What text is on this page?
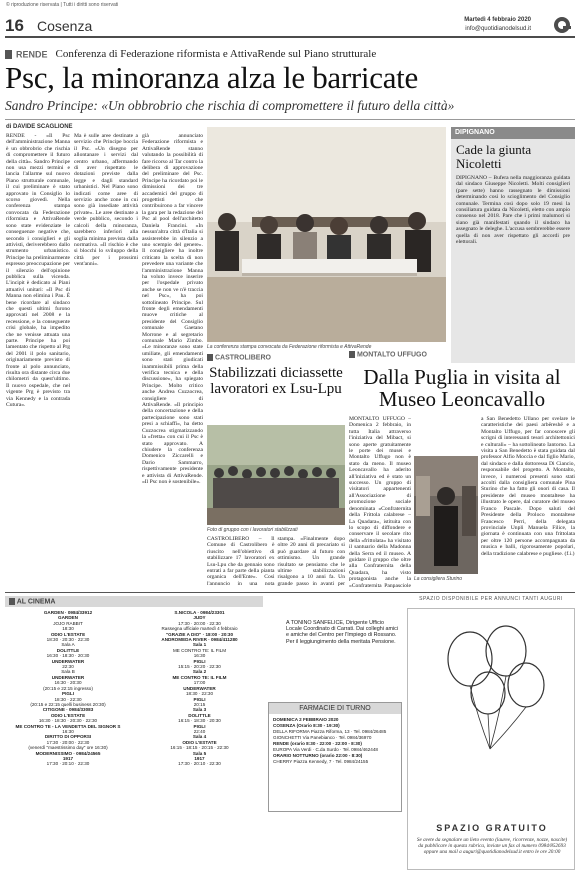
© riproduzione riservata | Tutti i diritti sono riservati
16 Cosenza	Martedì 4 febbraio 2020
info@quotidianodelsud.it
RENDE Conferenza di Federazione riformista e AttivaRende sul Piano strutturale
Psc, la minoranza alza le barricate
Sandro Principe: «Un obbrobrio che rischia di compromettere il futuro della città»
di DAVIDE SCAGLIONE

RENDE - «Il Psc dell'amministrazione Manna è un obbrobrio che rischia di compromettere il futuro della città». Sandro Principe non usa mezzi termini e lancia l'allarme sul nuovo Piano strutturale comunale, il cui preliminare è stato approvato in Consiglio lo scorso giovedì. Nella conferenza stampa convocata da Federazione riformista e AttivaRende sono state evidenziate le conseguenze negative che, secondo i consiglieri e gli attivisti, deriverebbero dallo strumento urbanistico. Principe ha preliminarmente espresso preoccupazione per il silenzio dell'opinione pubblica sulla vicenda. L'incipit è dedicato ai Piani attuativi unitari: «Il Psc di Manna non elimina i Pau. È bene ricordare al sindaco che questi ultimi furono approvati nel 2008 e la recessione, e la conseguente crisi globale, ha impedito che ne venisse attuata una parte. Principe ha poi lamentato che rispetto al Prg del 2001 il polo sanitario, originariamente previsto di fronte al polo annunciato, risulta ora distante circa due chilometri da quest'ultimo. Il nuovo ospedale, che nel vigente Prg è previsto tra via Kennedy e la contrada Cutura».

Ma è sulle aree destinate a servizio che Principe boccia il Psc. «Un disegno per allontanare i servizi dal centro urbano, affermando di aver rispettato le dotazioni previste dalla legge e dagli standard urbanistici. Nel Piano sono indicati come aree di servizio anche zone in cui sono già insediate attività private». Le aree destinate a verde pubblico, secondo i calcoli della minoranza, sarebbero inferiori alla soglia minima prevista dalla normativa. «Il rischio è che si blocchi lo sviluppo della città per i prossimi vent'anni».

già annunciato Federazione riformista e AttivaRende stanno valutando la possibilità di fare ricorso al Tar contro la delibera di approvazione del preliminare del Psc. Principe ha ricordato poi le dimissioni dei tre accademici del gruppo di progettisti che contribuirono a far vincere la gara per la redazione del Psc al pool dell'architetto Daniela Francini. «In nessun'altra città d'Italia si assisterebbe in silenzio a uno scempio del genere». Il consigliere ha inoltre criticato la scelta di non prevedere una variante che l'amministrazione Manna ha voluto invece inserire per l'ospedale privato anche se non ve n'è traccia nel Psc», ha poi sottolineato Principe. Sul fronte degli emendamenti muove critiche al presidente del Consiglio comunale Gaetano Morrone e al segretario comunale Mario Zimbo. «Le minoranze sono state umiliate, gli emendamenti sono stati giudicati inammissibili prima della verifica tecnica e della discussione», ha spiegato Principe. Molto critico anche Andrea Cuzzocrea, consigliere di AttivaRende. «Il principio della concertazione e della partecipazione sono stati presi a schiaffi», ha detto Cuzzocrea stigmatizzando la «fretta» con cui il Psc è stato approvato. A chiudere la conferenza Domenico Ziccarelli e Dario Sammarro, rispettivamente presidente e attivista di AttivaRende. «Il Psc non è sostenibile».

La conferenza stampa convocata da Federazione riformista e AttivaRende
DIPIGNANO
Cade la giunta Nicoletti

DIPIGNANO – Bufera nella maggioranza guidata dal sindaco Giuseppe Nicoletti. Molti consiglieri (pare sette) hanno rassegnato le dimissioni determinando così lo scioglimento del Consiglio comunale. Termina così dopo solo 19 mesi la consiliatura guidata da Nicoletti, eletto con ampio consenso nel 2018. Pare che i primi malumori si siano già manifestati quando il sindaco ha assegnato le deleghe. L'accusa sembrerebbe essere quella di non aver rispettato gli accordi pre elettorali.

CASTROLIBERO
Stabilizzati diciassette lavoratori ex Lsu-Lpu
Foto di gruppo con i lavoratori stabilizzati

CASTROLIBERO – Il Comune di Castrolibero è riuscito nell'obiettivo di stabilizzare 17 lavoratori ex Lsu-Lpu che da gennaio sono entrati a far parte della pianta organica dell'Ente». Così l'annuncio in una nota stampa. «Finalmente dopo oltre 20 anni di precariato si può guardare al futuro con ottimismo. Un grande risultato se pensiamo che le ultime stabilizzazioni risalgono a 10 anni fa. Un grande passo in avanti per

MONTALTO UFFUGO
Dalla Puglia in visita al Museo Leoncavallo

MONTALTO UFFUGO – Domenica 2 febbraio, in tutta Italia attraverso l'iniziativa del Mibact, si sono aperte gratuitamente le porte dei musei e Montalto Uffugo non è stato da meno. Il museo Leoncavallo ha aderito all'iniziativa ed è stato un successo. Un gruppo di visitatori appartenenti all'Associazione di promozione sociale denominata «Confraternita della Frittola calabrese – La Quadara», istituita con lo scopo di diffondere e conservare il secolare rito della «frittolata» ha visitato il santuario della Madonna della Serra ed il museo. A guidare il gruppo che oltre alla Confraternita della Quadara, ha visto protagonista anche la «Confraternita Panpasciole

La consigliera Sturino

a San Benedetto Ullano per svelare le caratteristiche dei paesi arbëreshë e a Montalto Uffugo, per far conoscere gli scrigni di interessanti tesori architettonici e culturali» – ha sottolineato Iantorno. La visita a San Benedetto è stata guidata dal professor Alfio Moccia e dal figlio Mario, dal sindaco e dalla dottoressa Di Ciancio, responsabile del progetto. A Montalto, invece, i numerosi presenti sono stati accolti dalla consigliera comunale Pina Sturino che ha fatto gli onori di casa. Il presidente del museo montaltese ha illustrato le opere, dal curatore del museo Franco Pascale. Dopo saluti del Presidente della Proloco montaltese Francesco Perri, della delegata provinciale Unpli Manuela Filice, la giornata è continuata con una frittolata per oltre 120 persone accompagnata da musica e balli, rigorosamente popolari, della tradizione calabrese e pugliese. (f.i.)

AL CINEMA

GARDEN · 0984/33912

GARDEN

JOJO RABBIT

18:30

ODIO L'ESTATE

18:30 · 20:30 · 22:30

Sala A

DOLITTLE

16:30 · 18:30 · 20:30

UNDERWATER

22:30

Sala B

UNDERWATER

16:30 · 20:30

(20:15 e 22:15 ingresso)

PIGLI

18:30 · 22:30

(20:15 e 22:15 quelli business 20:30)

CITIGONE · 0984/33083

ODIO L'ESTATE

16:30 · 18:30 · 20:30 · 22:30

ME CONTRO TE - LA VENDETTA DEL SIGNOR S

16:30

DIRITTO DI OPPORSI

17:30 · 20:00 · 22:30

(venerdì "maestrissimo day" ore 16:30)

MODERNISSIMO · 0984/24565

1917

17:30 · 20:10 · 22:30

S.NICOLA · 0984/23301

JUDY

17:30 · 20:00 · 22:30

Rassegna ufficiale martedì 4 febbraio

"GRAZIE A DIO" · 18:00 · 20:30

ANDROMEDA RIVER · 0984/411280

Sala 1

ME CONTRO TE: IL FILM

16:30

PIGLI

15:15 · 20:20 · 22:30

Sala 2

ME CONTRO TE: IL FILM

17:00

UNDERWATER

18:30 · 22:30

PIGLI

20:15

Sala 3

DOLITTLE

16:15 · 18:30 · 20:30

PIGLI

22:40

Sala 4

ODIO L'ESTATE

16:15 · 18:15 · 20:15 · 22:30

Sala 5

1917

17:30 · 20:10 · 22:30

A TONINO SANFELICE, Dirigente Ufficio Locale Coordinato di Carrati. Dai colleghi amici e amiche del Centro per l'Impiego di Rossano. Per il leggiungimento della meritata Pensione.

FARMACIE DI TURNO
DOMENICA 2 FEBBRAIO 2020
COSENZA (Orario 8:30 - 19:30)
DELLA RIFORMA Piazza Riforma, 13 · Tel. 0984/26485
GIONCHETTI Via Panebianco · Tel. 0984/36970
RENDE (orario 8:30 - 22:00 · 22:00 - 8:30)
EUROPA Via Verdi · C.da Surdo · Tel. 0984/462448
ORARIO NOTTURNO (orario 22:00 - 8:30)
CHERRY Piazza Kennedy, 7 · Tel. 0984/24155
SPAZIO DISPONIBILE PER ANNUNCI TANTI AUGURI
SPAZIO GRATUITO
Se avete da segnalare un lieto evento (lauree, ricorrenze, nozze, nascite) da pubblicare in questa rubrica, inviate un fax al numero 0984/852693 oppure una mail a auguri@quotidianodelsud.it entro le ore 20:00
